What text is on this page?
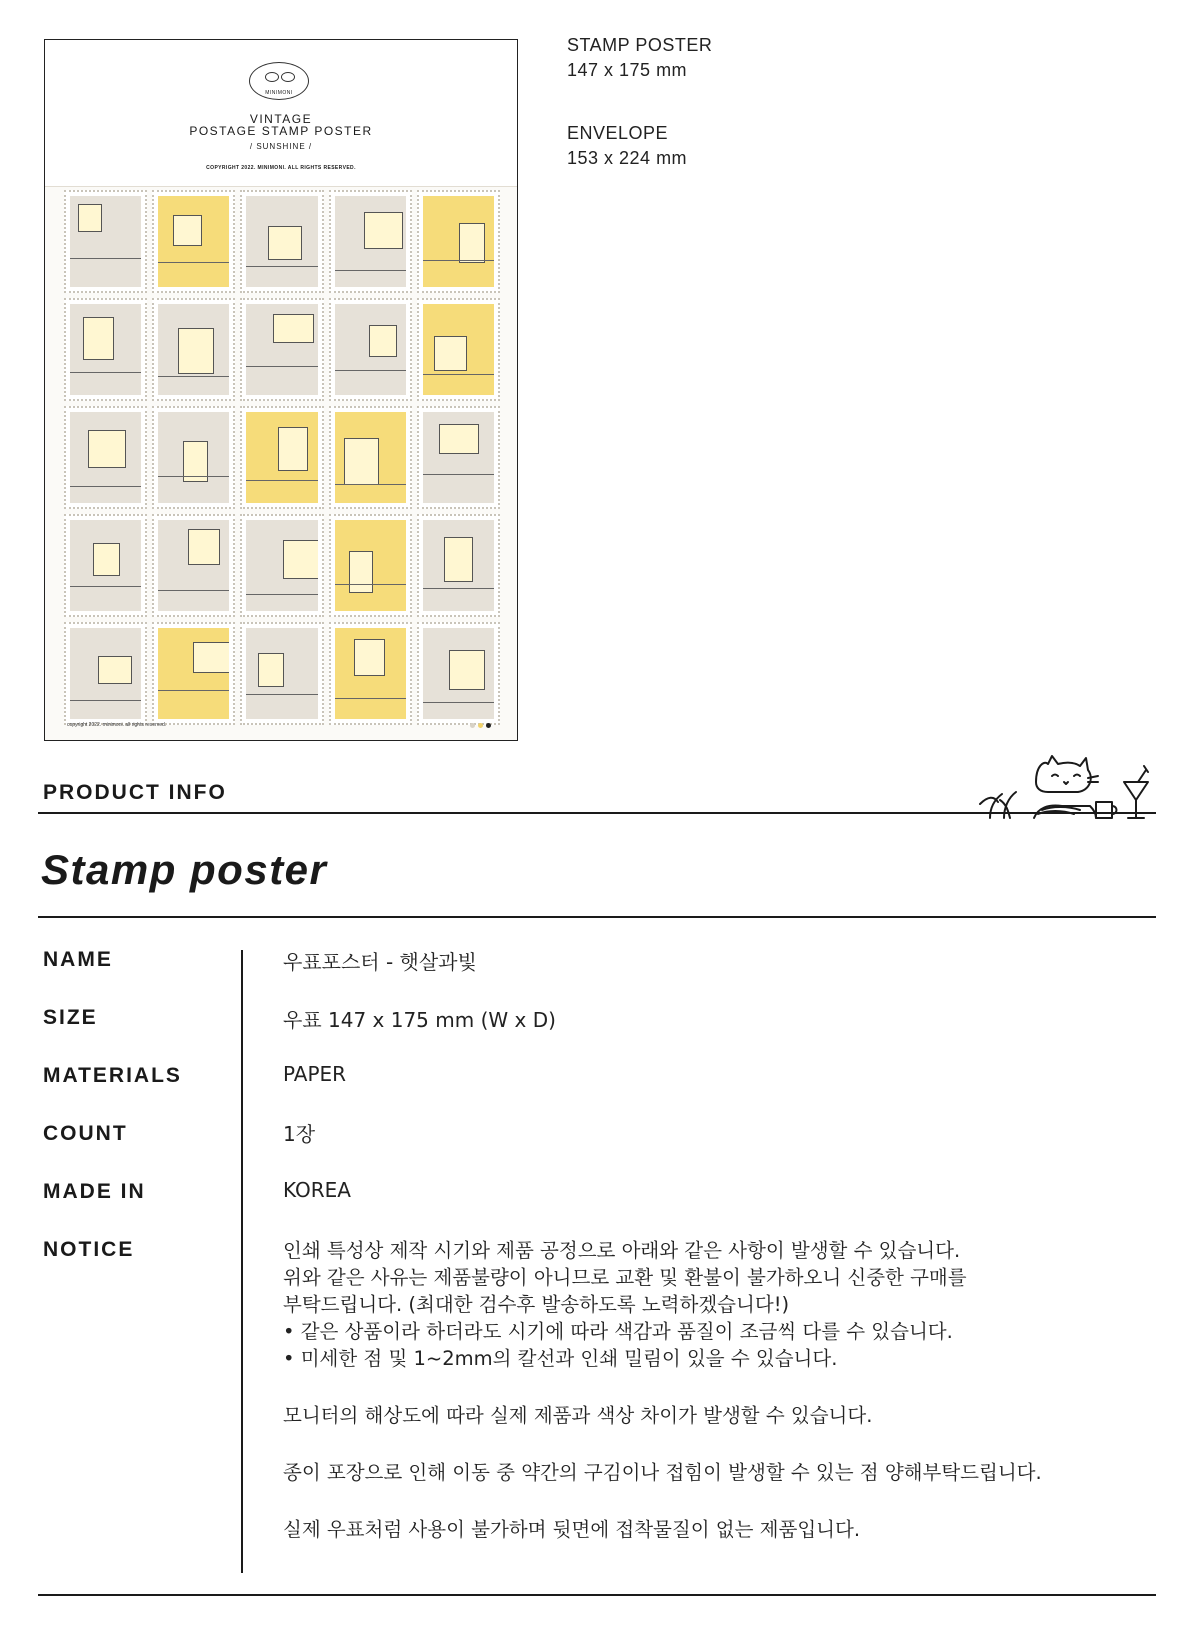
MINIMONI
VINTAGE
POSTAGE STAMP POSTER
/ SUNSHINE /
COPYRIGHT 2022. MINIMONI. ALL RIGHTS RESERVED.
copyright 2022. minimoni. all rights reserved.
STAMP POSTER
147 x 175 mm
ENVELOPE
153 x 224 mm
PRODUCT INFO
Stamp poster
NAME	우표포스터 - 햇살과빛
SIZE	우표 147 x 175 mm (W x D)
MATERIALS	PAPER
COUNT	1장
MADE IN	KOREA
NOTICE	인쇄 특성상 제작 시기와 제품 공정으로 아래와 같은 사항이 발생할 수 있습니다.

위와 같은 사유는 제품불량이 아니므로 교환 및 환불이 불가하오니 신중한 구매를

부탁드립니다. (최대한 검수후 발송하도록 노력하겠습니다!)

• 같은 상품이라 하더라도 시기에 따라 색감과 품질이 조금씩 다를 수 있습니다.

• 미세한 점 및 1~2mm의 칼선과 인쇄 밀림이 있을 수 있습니다.

모니터의 해상도에 따라 실제 제품과 색상 차이가 발생할 수 있습니다.

종이 포장으로 인해 이동 중 약간의 구김이나 접힘이 발생할 수 있는 점 양해부탁드립니다.

실제 우표처럼 사용이 불가하며 뒷면에 접착물질이 없는 제품입니다.
